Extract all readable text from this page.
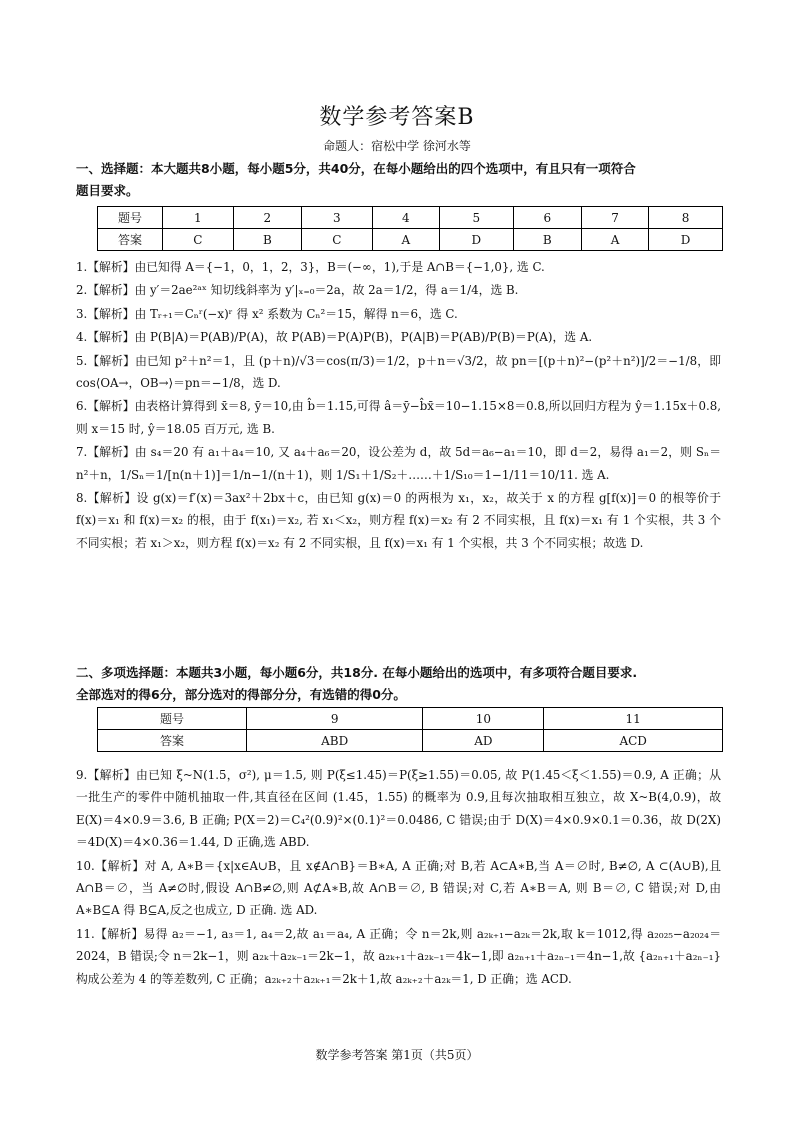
数学参考答案B
命题人：宿松中学 徐河水等
一、选择题：本大题共8小题，每小题5分，共40分，在每小题给出的四个选项中，有且只有一项符合
题目要求。
题号	1	2	3	4	5	6	7	8
答案	C	B	C	A	D	B	A	D

1.【解析】由已知得 A＝{−1，0，1，2，3}，B＝(−∞，1),于是 A∩B＝{−1,0}, 选 C.

2.【解析】由 y′＝2ae²ᵃˣ 知切线斜率为 y′|ₓ₌₀＝2a，故 2a＝1/2，得 a＝1/4，选 B.

3.【解析】由 Tᵣ₊₁＝Cₙʳ(−x)ʳ 得 x² 系数为 Cₙ²＝15，解得 n＝6，选 C.

4.【解析】由 P(B|A)＝P(AB)/P(A)，故 P(AB)＝P(A)P(B)，P(A|B)＝P(AB)/P(B)＝P(A)，选 A.

5.【解析】由已知 p²＋n²＝1，且 (p＋n)/√3＝cos(π/3)＝1/2，p＋n＝√3/2，故 pn＝[(p＋n)²−(p²＋n²)]/2＝−1/8，即 cos⟨OA→，OB→⟩＝pn＝−1/8，选 D.

6.【解析】由表格计算得到 x̄＝8, ȳ＝10,由 b̂＝1.15,可得 â＝ȳ−b̂x̄＝10−1.15×8＝0.8,所以回归方程为 ŷ＝1.15x＋0.8,则 x＝15 时, ŷ＝18.05 百万元, 选 B.

7.【解析】由 s₄＝20 有 a₁＋a₄＝10, 又 a₄＋a₆＝20，设公差为 d，故 5d＝a₆−a₁＝10，即 d＝2，易得 a₁＝2，则 Sₙ＝n²＋n，1/Sₙ＝1/[n(n＋1)]＝1/n−1/(n＋1)，则 1/S₁＋1/S₂＋……＋1/S₁₀＝1−1/11＝10/11. 选 A.

8.【解析】设 g(x)＝f′(x)＝3ax²＋2bx＋c，由已知 g(x)＝0 的两根为 x₁，x₂，故关于 x 的方程 g[f(x)]＝0 的根等价于 f(x)＝x₁ 和 f(x)＝x₂ 的根，由于 f(x₁)＝x₂, 若 x₁＜x₂，则方程 f(x)＝x₂ 有 2 不同实根，且 f(x)＝x₁ 有 1 个实根，共 3 个不同实根；若 x₁＞x₂，则方程 f(x)＝x₂ 有 2 不同实根，且 f(x)＝x₁ 有 1 个实根，共 3 个不同实根；故选 D.

二、多项选择题：本题共3小题，每小题6分，共18分. 在每小题给出的选项中，有多项符合题目要求.
全部选对的得6分，部分选对的得部分分，有选错的得0分。
题号	9	10	11
答案	ABD	AD	ACD

9.【解析】由已知 ξ~N(1.5，σ²), μ＝1.5, 则 P(ξ≤1.45)＝P(ξ≥1.55)＝0.05, 故 P(1.45＜ξ＜1.55)＝0.9, A 正确；从一批生产的零件中随机抽取一件,其直径在区间 (1.45，1.55) 的概率为 0.9,且每次抽取相互独立，故 X~B(4,0.9)，故 E(X)＝4×0.9＝3.6, B 正确; P(X＝2)＝C₄²(0.9)²×(0.1)²＝0.0486, C 错误;由于 D(X)＝4×0.9×0.1＝0.36，故 D(2X)＝4D(X)＝4×0.36＝1.44, D 正确,选 ABD.

10.【解析】对 A, A∗B＝{x|x∈A∪B，且 x∉A∩B}＝B∗A, A 正确;对 B,若 A⊂A∗B,当 A＝∅时, B≠∅, A ⊂(A∪B),且 A∩B＝∅，当 A≠∅时,假设 A∩B≠∅,则 A⊄A∗B,故 A∩B＝∅, B 错误;对 C,若 A∗B＝A, 则 B＝∅, C 错误;对 D,由 A∗B⊆A 得 B⊆A,反之也成立, D 正确. 选 AD.

11.【解析】易得 a₂＝−1, a₃＝1, a₄＝2,故 a₁＝a₄, A 正确；令 n＝2k,则 a₂ₖ₊₁−a₂ₖ＝2k,取 k＝1012,得 a₂₀₂₅−a₂₀₂₄＝2024，B 错误;令 n＝2k−1，则 a₂ₖ＋a₂ₖ₋₁＝2k−1，故 a₂ₖ₊₁＋a₂ₖ₋₁＝4k−1,即 a₂ₙ₊₁＋a₂ₙ₋₁＝4n−1,故 {a₂ₙ₊₁＋a₂ₙ₋₁} 构成公差为 4 的等差数列, C 正确；a₂ₖ₊₂＋a₂ₖ₊₁＝2k＋1,故 a₂ₖ₊₂＋a₂ₖ＝1, D 正确；选 ACD.

数学参考答案 第1页（共5页）
